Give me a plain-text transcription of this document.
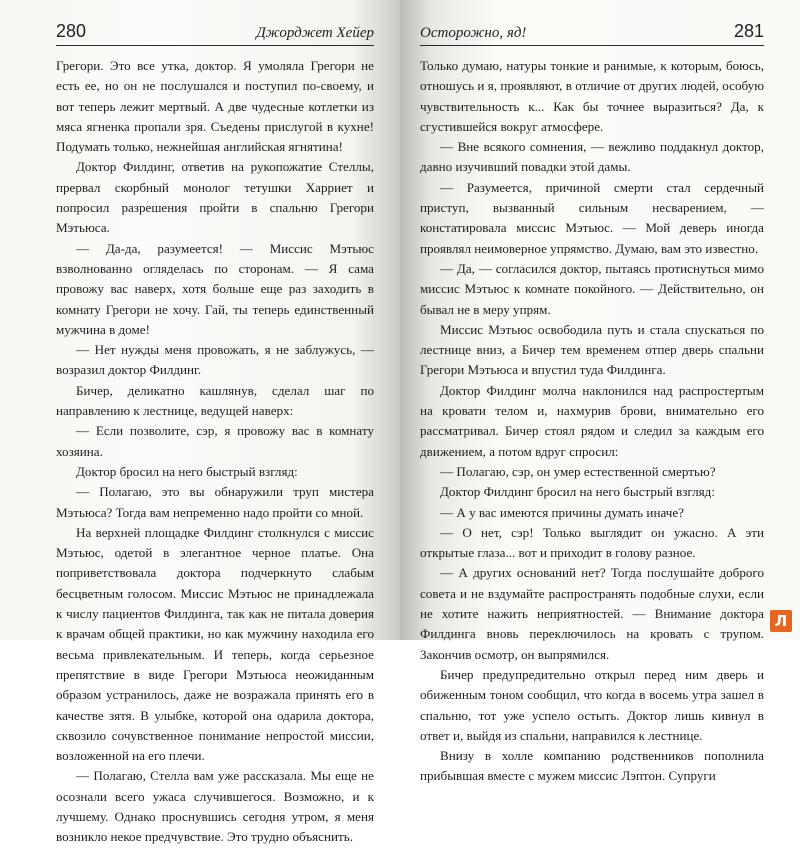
280	Джорджет Хейер

Грегори. Это все утка, доктор. Я умоляла Грегори не есть ее, но он не послушался и поступил по-своему, и вот теперь лежит мертвый. А две чудесные котлетки из мяса ягненка пропали зря. Съедены прислугой в кухне! Подумать только, нежнейшая английская ягнятина!

Доктор Филдинг, ответив на рукопожатие Стеллы, прервал скорбный монолог тетушки Харриет и попросил разрешения пройти в спальню Грегори Мэтьюса.

— Да-да, разумеется! — Миссис Мэтьюс взволнованно огляделась по сторонам. — Я сама провожу вас наверх, хотя больше еще раз заходить в комнату Грегори не хочу. Гай, ты теперь единственный мужчина в доме!

— Нет нужды меня провожать, я не заблужусь, — возразил доктор Филдинг.

Бичер, деликатно кашлянув, сделал шаг по направлению к лестнице, ведущей наверх:

— Если позволите, сэр, я провожу вас в комнату хозяина.

Доктор бросил на него быстрый взгляд:

— Полагаю, это вы обнаружили труп мистера Мэтьюса? Тогда вам непременно надо пройти со мной.

На верхней площадке Филдинг столкнулся с миссис Мэтьюс, одетой в элегантное черное платье. Она поприветствовала доктора подчеркнуто слабым бесцветным голосом. Миссис Мэтьюс не принадлежала к числу пациентов Филдинга, так как не питала доверия к врачам общей практики, но как мужчину находила его весьма привлекательным. И теперь, когда серьезное препятствие в виде Грегори Мэтьюса неожиданным образом устранилось, даже не возражала принять его в качестве зятя. В улыбке, которой она одарила доктора, сквозило сочувственное понимание непростой миссии, возложенной на его плечи.

— Полагаю, Стелла вам уже рассказала. Мы еще не осознали всего ужаса случившегося. Возможно, и к лучшему. Однако проснувшись сегодня утром, я меня возникло некое предчувствие. Это трудно объяснить.

Осторожно, яд!	281

Только думаю, натуры тонкие и ранимые, к которым, боюсь, отношусь и я, проявляют, в отличие от других людей, особую чувствительность к... Как бы точнее выразиться? Да, к сгустившейся вокруг атмосфере.

— Вне всякого сомнения, — вежливо поддакнул доктор, давно изучивший повадки этой дамы.

— Разумеется, причиной смерти стал сердечный приступ, вызванный сильным несварением, — констатировала миссис Мэтьюс. — Мой деверь иногда проявлял неимоверное упрямство. Думаю, вам это известно.

— Да, — согласился доктор, пытаясь протиснуться мимо миссис Мэтьюс к комнате покойного. — Действительно, он бывал не в меру упрям.

Миссис Мэтьюс освободила путь и стала спускаться по лестнице вниз, а Бичер тем временем отпер дверь спальни Грегори Мэтьюса и впустил туда Филдинга.

Доктор Филдинг молча наклонился над распростертым на кровати телом и, нахмурив брови, внимательно его рассматривал. Бичер стоял рядом и следил за каждым его движением, а потом вдруг спросил:

— Полагаю, сэр, он умер естественной смертью?

Доктор Филдинг бросил на него быстрый взгляд:

— А у вас имеются причины думать иначе?

— О нет, сэр! Только выглядит он ужасно. А эти открытые глаза... вот и приходит в голову разное.

— А других оснований нет? Тогда послушайте доброго совета и не вздумайте распространять подобные слухи, если не хотите нажить неприятностей. — Внимание доктора Филдинга вновь переключилось на кровать с трупом. Закончив осмотр, он выпрямился.

Бичер предупредительно открыл перед ним дверь и обиженным тоном сообщил, что когда в восемь утра зашел в спальню, тот уже успело остыть. Доктор лишь кивнул в ответ и, выйдя из спальни, направился к лестнице.

Внизу в холле компанию родственников пополнила прибывшая вместе с мужем миссис Лэптон. Супруги

Л
